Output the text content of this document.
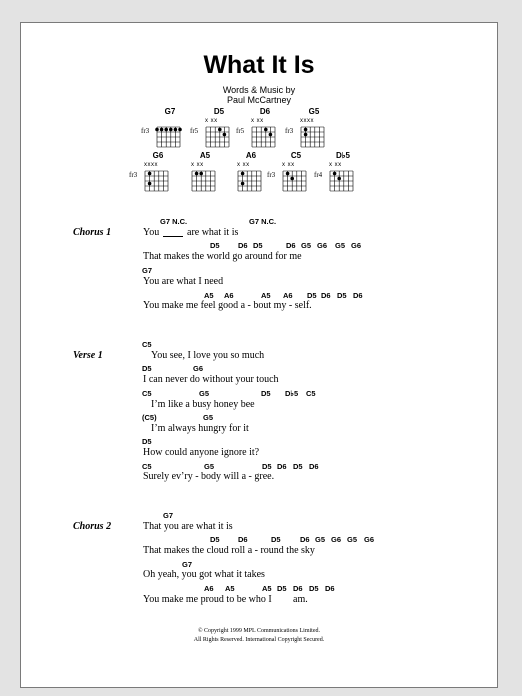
What It Is
Words & Music by
Paul McCartney
G7
fr3
D5
fr5
x xx
D6
fr5
x xx
G5
fr3
xxxx
G6
fr3
xxxx
A5
x xx
A6
x xx
C5
fr3
x xx
D♭5
fr4
x xx
Chorus 1
Verse 1
Chorus 2
G7 N.C.	G7 N.C.
You	are what it is
D5 D6 D5	D6 G5 G6 G5 G6
That makes the world go around for me
G7
You are what I need
A5 A6	A5 A6 D5 D6 D5 D6
You make me feel good a - bout my - self.
C5
You see, I love you so much
D5	G6
I can never do without your touch
C5	G5	D5 D♭5 C5
I’m like a busy honey bee
(C5)	G5
I’m always hungry for it
D5
How could anyone ignore it?
C5	G5	D5 D6 D5 D6
Surely ev’ry - body will a - gree.
G7
That you are what it is
D5 D6	D5	D6 G5 G6 G5 G6
That makes the cloud roll a - round the sky
G7
Oh yeah, you got what it takes
A6 A5	A5 D5 D6 D5 D6
You make me proud to be who I am.
© Copyright 1999 MPL Communications Limited.
All Rights Reserved. International Copyright Secured.
